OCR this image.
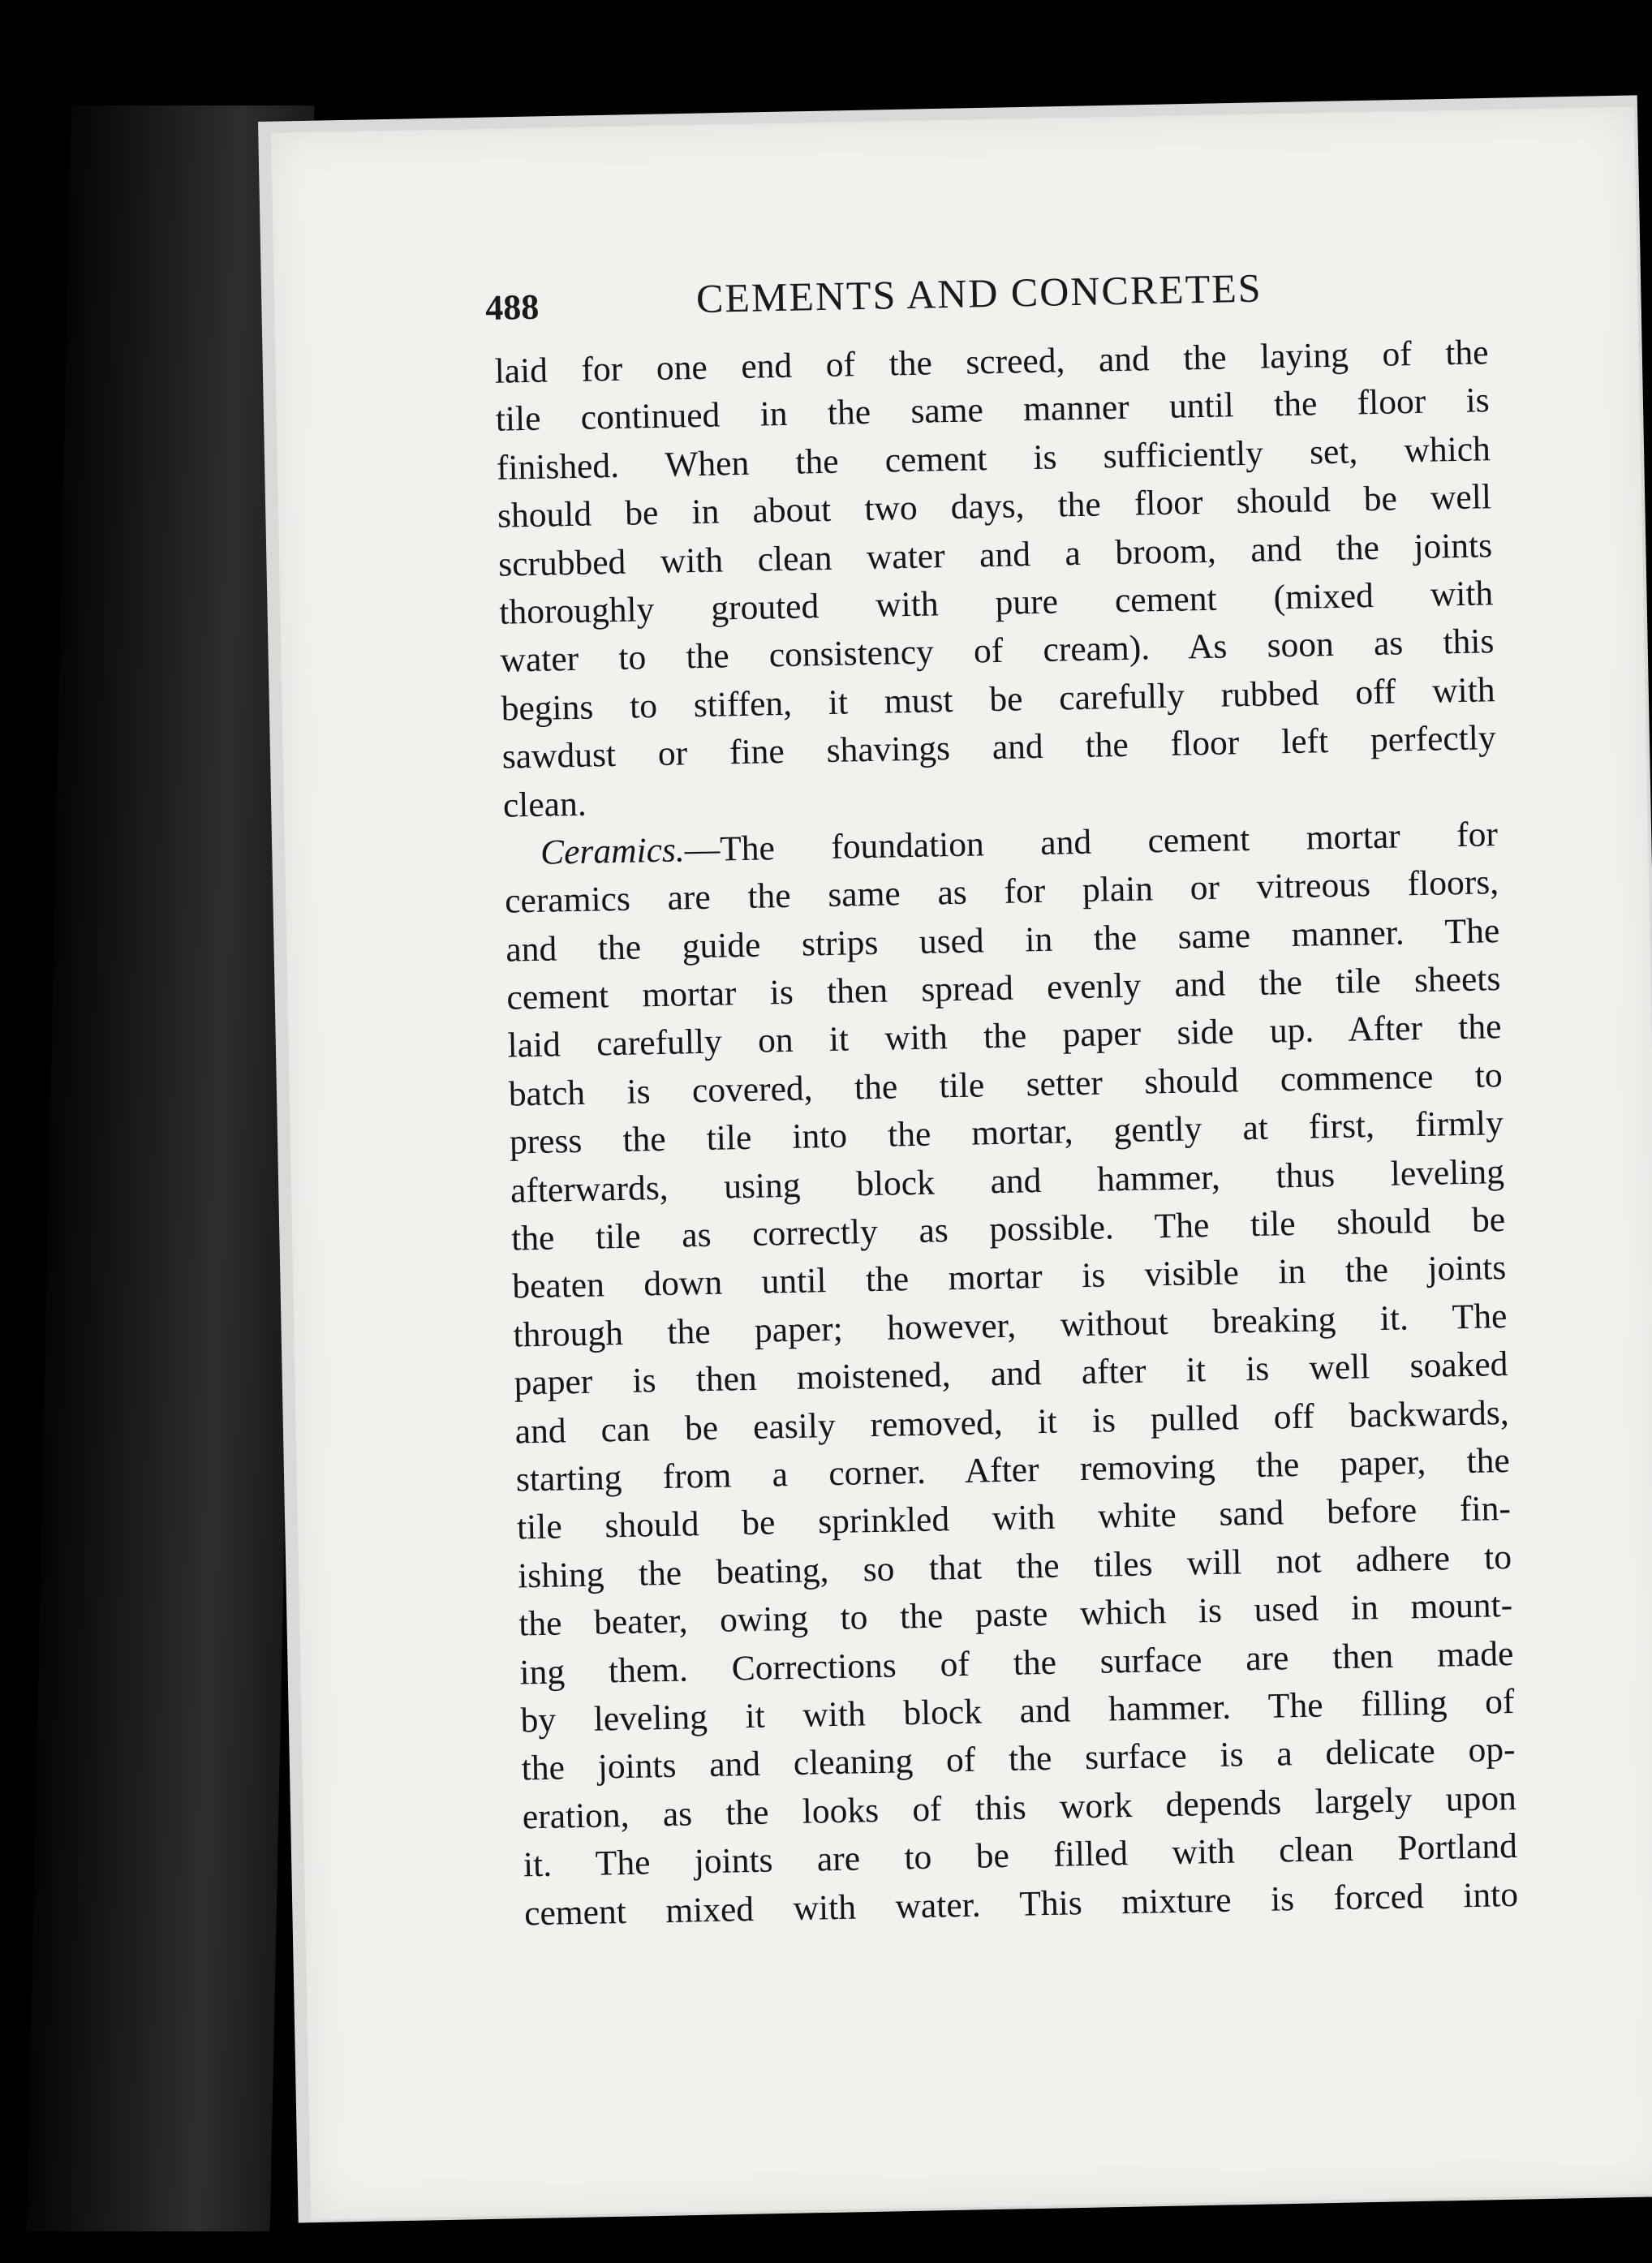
488	CEMENTS AND CONCRETES
laid for one end of the screed, and the laying of the
tile continued in the same manner until the floor is
finished. When the cement is sufficiently set, which
should be in about two days, the floor should be well
scrubbed with clean water and a broom, and the joints
thoroughly grouted with pure cement (mixed with
water to the consistency of cream). As soon as this
begins to stiffen, it must be carefully rubbed off with
sawdust or fine shavings and the floor left perfectly
clean.
Ceramics.—The foundation and cement mortar for
ceramics are the same as for plain or vitreous floors,
and the guide strips used in the same manner. The
cement mortar is then spread evenly and the tile sheets
laid carefully on it with the paper side up. After the
batch is covered, the tile setter should commence to
press the tile into the mortar, gently at first, firmly
afterwards, using block and hammer, thus leveling
the tile as correctly as possible. The tile should be
beaten down until the mortar is visible in the joints
through the paper; however, without breaking it. The
paper is then moistened, and after it is well soaked
and can be easily removed, it is pulled off backwards,
starting from a corner. After removing the paper, the
tile should be sprinkled with white sand before fin-
ishing the beating, so that the tiles will not adhere to
the beater, owing to the paste which is used in mount-
ing them. Corrections of the surface are then made
by leveling it with block and hammer. The filling of
the joints and cleaning of the surface is a delicate op-
eration, as the looks of this work depends largely upon
it. The joints are to be filled with clean Portland
cement mixed with water. This mixture is forced into
